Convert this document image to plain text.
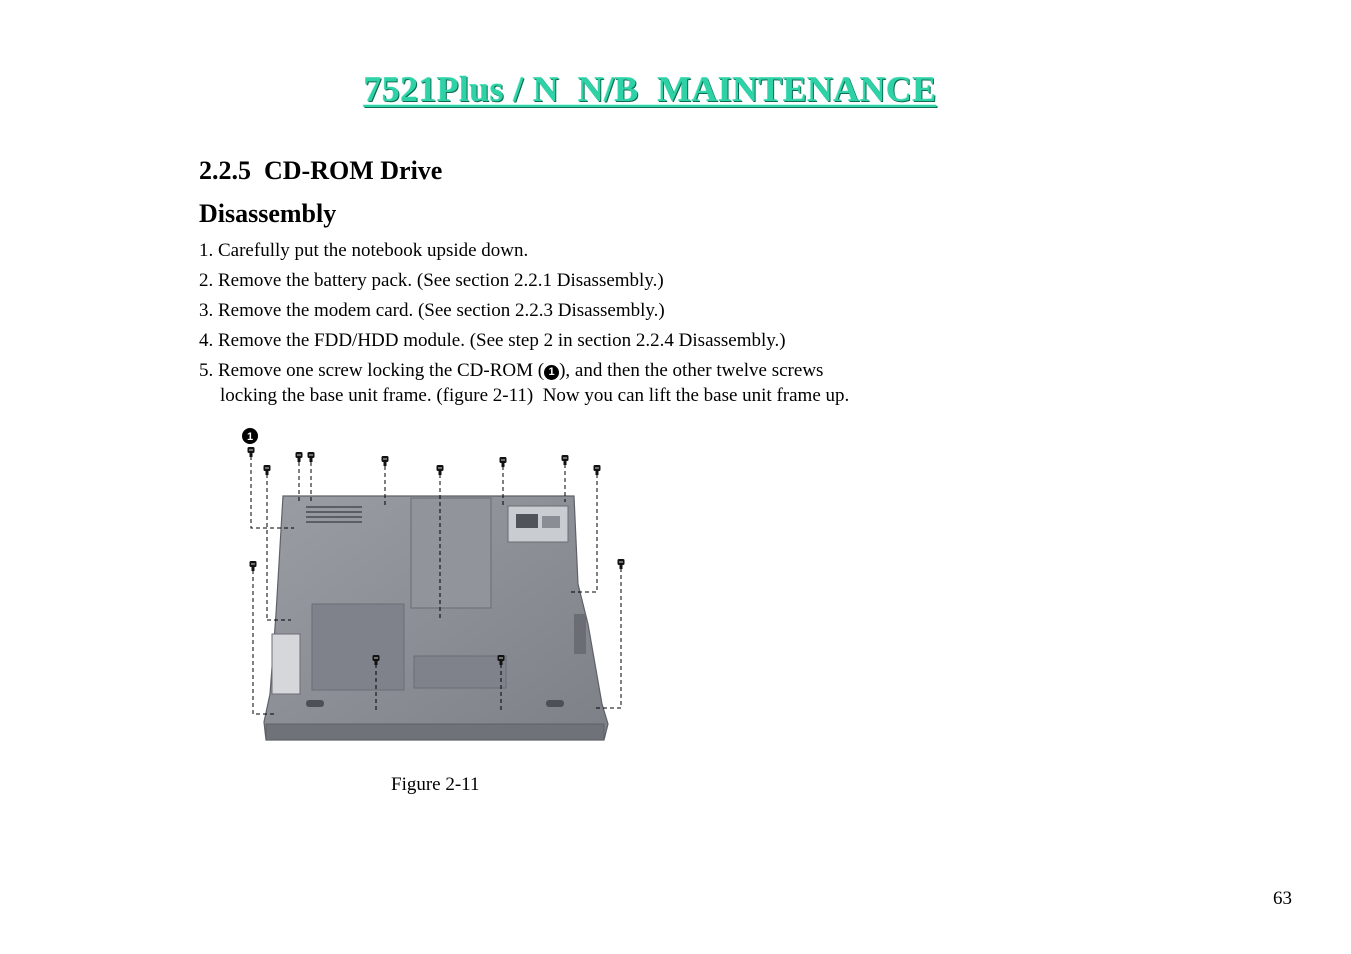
7521Plus / N  N/B  MAINTENANCE
2.2.5  CD-ROM Drive
Disassembly
1. Carefully put the notebook upside down.
2. Remove the battery pack. (See section 2.2.1 Disassembly.)
3. Remove the modem card. (See section 2.2.3 Disassembly.)
4. Remove the FDD/HDD module. (See step 2 in section 2.2.4 Disassembly.)
5. Remove one screw locking the CD-ROM ( 1 ), and then the other twelve screws
locking the base unit frame. (figure 2-11)  Now you can lift the base unit frame up.
1
Figure 2-11
63
